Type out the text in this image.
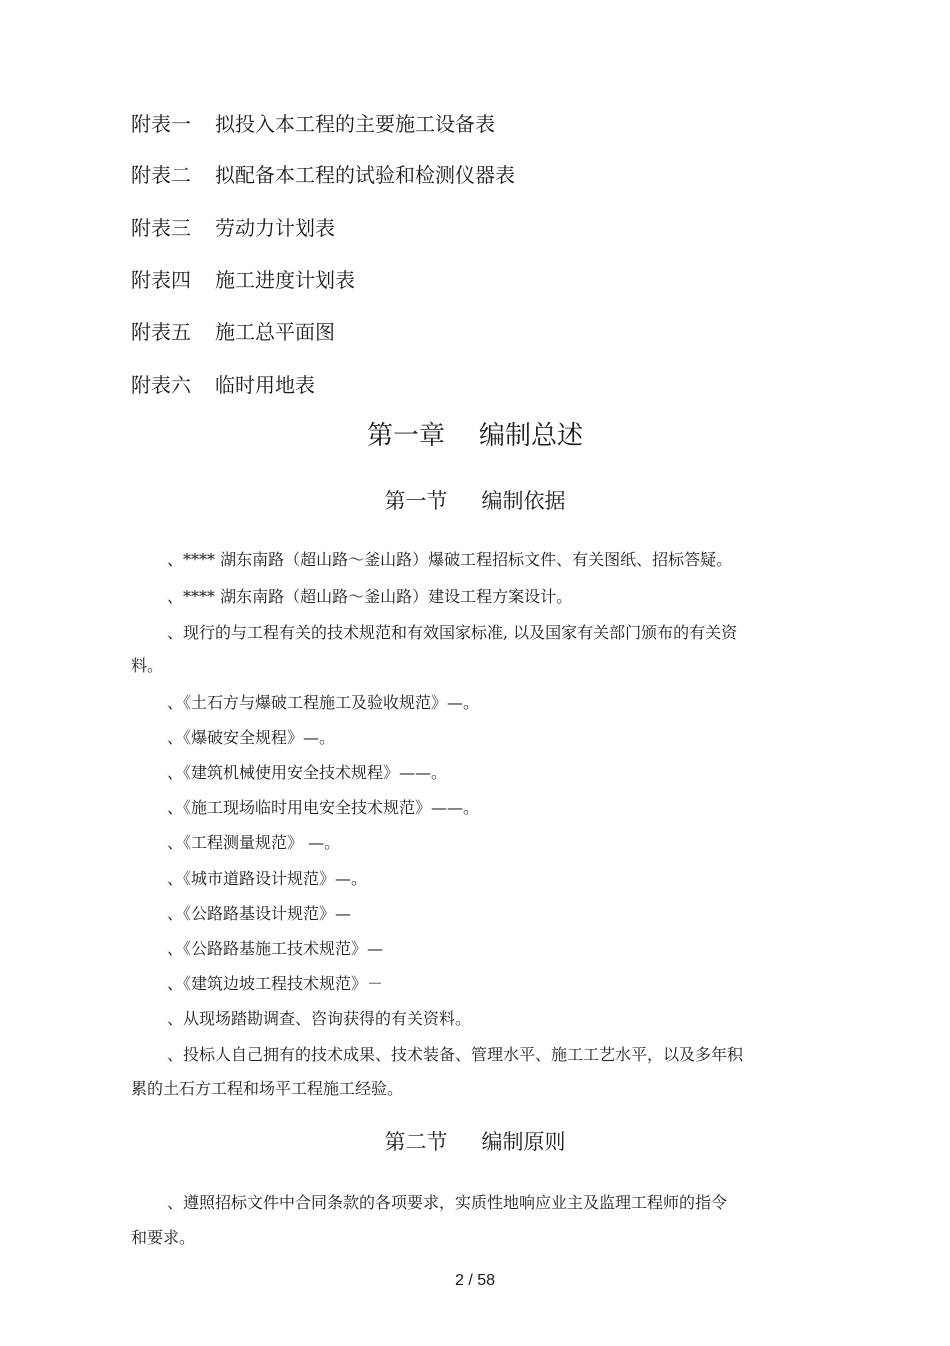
附表一 拟投入本工程的主要施工设备表
附表二 拟配备本工程的试验和检测仪器表
附表三 劳动力计划表
附表四 施工进度计划表
附表五 施工总平面图
附表六 临时用地表
第一章 编制总述
第一节 编制依据
、**** 湖东南路（超山路～釜山路）爆破工程招标文件、有关图纸、招标答疑。
、**** 湖东南路（超山路～釜山路）建设工程方案设计。
、现行的与工程有关的技术规范和有效国家标准, 以及国家有关部门颁布的有关资
料。
、《土石方与爆破工程施工及验收规范》—。
、《爆破安全规程》—。
、《建筑机械使用安全技术规程》——。
、《施工现场临时用电安全技术规范》——。
、《工程测量规范》 —。
、《城市道路设计规范》—。
、《公路路基设计规范》—
、《公路路基施工技术规范》—
、《建筑边坡工程技术规范》－
、从现场踏勘调查、咨询获得的有关资料。
、投标人自己拥有的技术成果、技术装备、管理水平、施工工艺水平，以及多年积
累的土石方工程和场平工程施工经验。
第二节 编制原则
、遵照招标文件中合同条款的各项要求，实质性地响应业主及监理工程师的指令
和要求。
2 / 58
